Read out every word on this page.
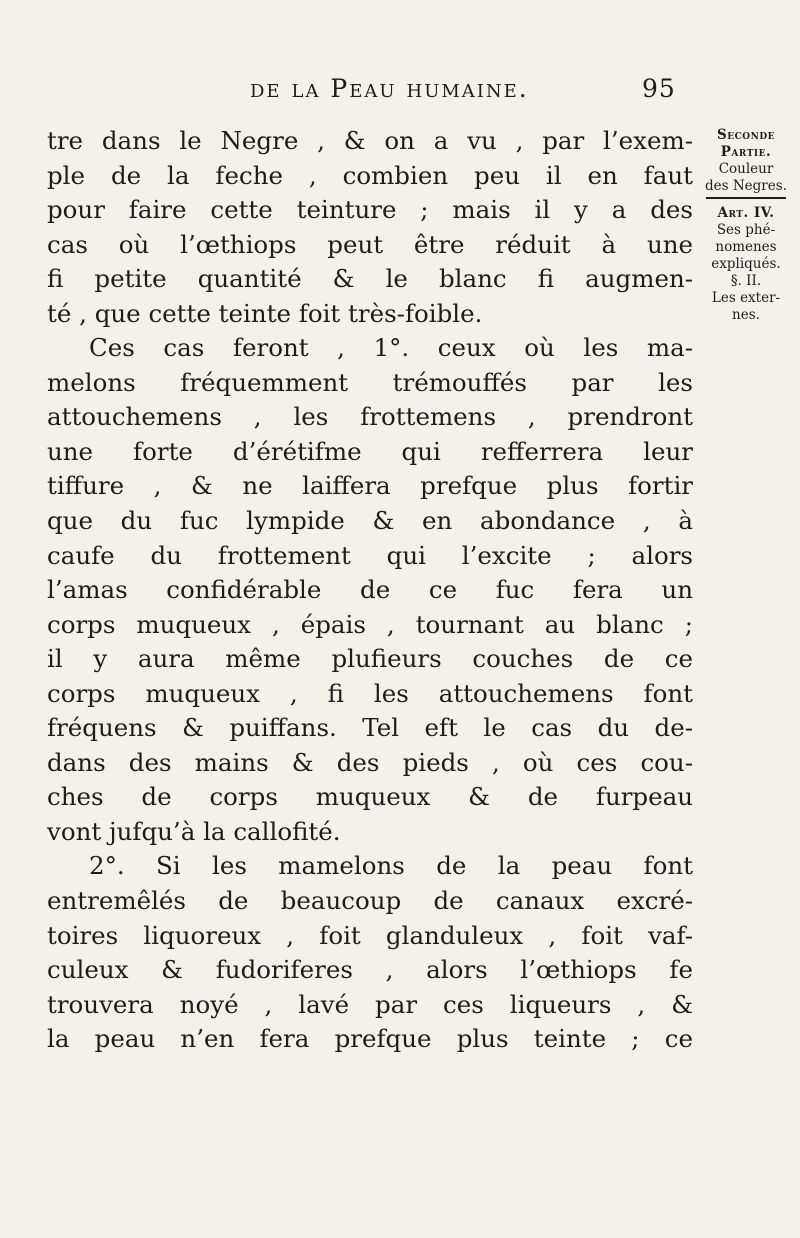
de la Peau humaine.	95
tre dans le Negre , & on a vu , par l’exem-
ple de la feche , combien peu il en faut
pour faire cette teinture ; mais il y a des
cas où l’œthiops peut être réduit à une
fi petite quantité & le blanc fi augmen-
té , que cette teinte foit très-foible.
Ces cas feront , 1°. ceux où les ma-
melons fréquemment trémouffés par les
attouchemens , les frottemens , prendront
une forte d’érétifme qui refferrera leur
tiffure , & ne laiffera prefque plus fortir
que du fuc lympide & en abondance , à
caufe du frottement qui l’excite ; alors
l’amas confidérable de ce fuc fera un
corps muqueux , épais , tournant au blanc ;
il y aura même plufieurs couches de ce
corps muqueux , fi les attouchemens font
fréquens & puiffans. Tel eft le cas du de-
dans des mains & des pieds , où ces cou-
ches de corps muqueux & de furpeau
vont jufqu’à la callofité.
2°. Si les mamelons de la peau font
entremêlés de beaucoup de canaux excré-
toires liquoreux , foit glanduleux , foit vaf-
culeux & fudoriferes , alors l’œthiops fe
trouvera noyé , lavé par ces liqueurs , &
la peau n’en fera prefque plus teinte ; ce
Seconde
Partie.
Couleur
des Negres.
Art. IV.
Ses phé-
nomenes
expliqués.
§. II.
Les exter-
nes.
